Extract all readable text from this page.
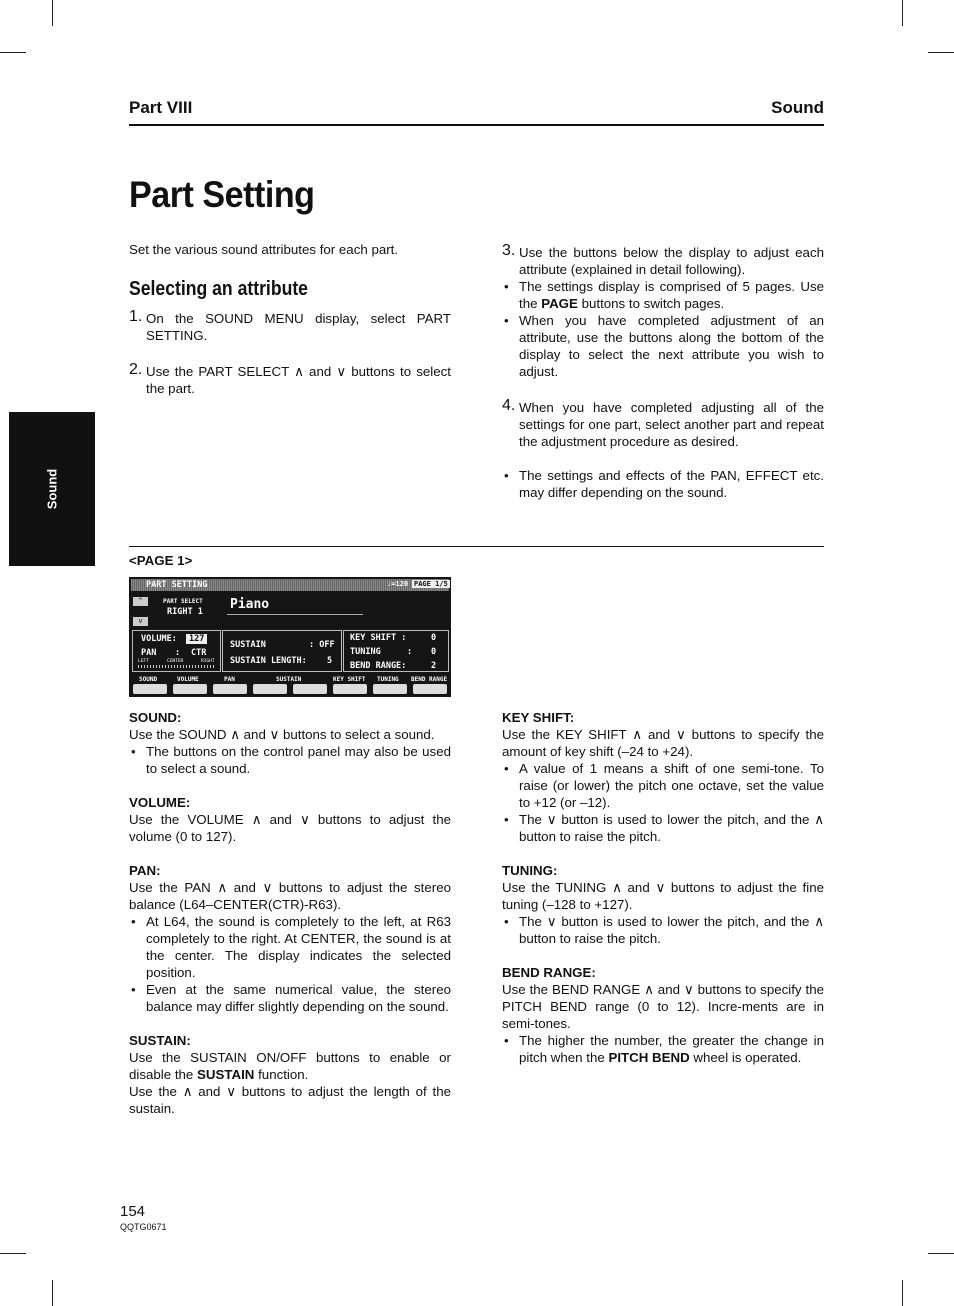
Part VIII	Sound
Sound
Part Setting
Set the various sound attributes for each part.
Selecting an attribute
1. On the SOUND MENU display, select PART SETTING.
2. Use the PART SELECT ∧ and ∨ buttons to select the part.
3. Use the buttons below the display to adjust each attribute (explained in detail following).
• The settings display is comprised of 5 pages. Use the PAGE buttons to switch pages.
• When you have completed adjustment of an attribute, use the buttons along the bottom of the display to select the next attribute you wish to adjust.
4. When you have completed adjusting all of the settings for one part, select another part and repeat the adjustment procedure as desired.
• The settings and effects of the PAN, EFFECT etc. may differ depending on the sound.
<PAGE 1>
PART SETTING	♩=120 PAGE 1/5
^
v
PART SELECT
RIGHT 1 Piano
VOLUME:	127
PAN : CTR
LEFT	CENTER	RIGHT
SUSTAIN	: OFF
SUSTAIN LENGTH: 5
KEY SHIFT :	0
TUNING	: 0
BEND RANGE:	2
SOUND	VOLUME	PAN	SUSTAIN	KEY SHIFT TUNING BEND RANGE
SOUND:
Use the SOUND ∧ and ∨ buttons to select a sound.
• The buttons on the control panel may also be used to select a sound.
VOLUME:
Use the VOLUME ∧ and ∨ buttons to adjust the volume (0 to 127).
PAN:
Use the PAN ∧ and ∨ buttons to adjust the stereo balance (L64–CENTER(CTR)-R63).
• At L64, the sound is completely to the left, at R63 completely to the right. At CENTER, the sound is at the center. The display indicates the selected position.
• Even at the same numerical value, the stereo balance may differ slightly depending on the sound.
SUSTAIN:
Use the SUSTAIN ON/OFF buttons to enable or disable the SUSTAIN function.
Use the ∧ and ∨ buttons to adjust the length of the sustain.
KEY SHIFT:
Use the KEY SHIFT ∧ and ∨ buttons to specify the amount of key shift (–24 to +24).
• A value of 1 means a shift of one semi-tone. To raise (or lower) the pitch one octave, set the value to +12 (or –12).
• The ∨ button is used to lower the pitch, and the ∧ button to raise the pitch.
TUNING:
Use the TUNING ∧ and ∨ buttons to adjust the fine tuning (–128 to +127).
• The ∨ button is used to lower the pitch, and the ∧ button to raise the pitch.
BEND RANGE:
Use the BEND RANGE ∧ and ∨ buttons to specify the PITCH BEND range (0 to 12). Incre-ments are in semi-tones.
• The higher the number, the greater the change in pitch when the PITCH BEND wheel is operated.
154
QQTG0671
